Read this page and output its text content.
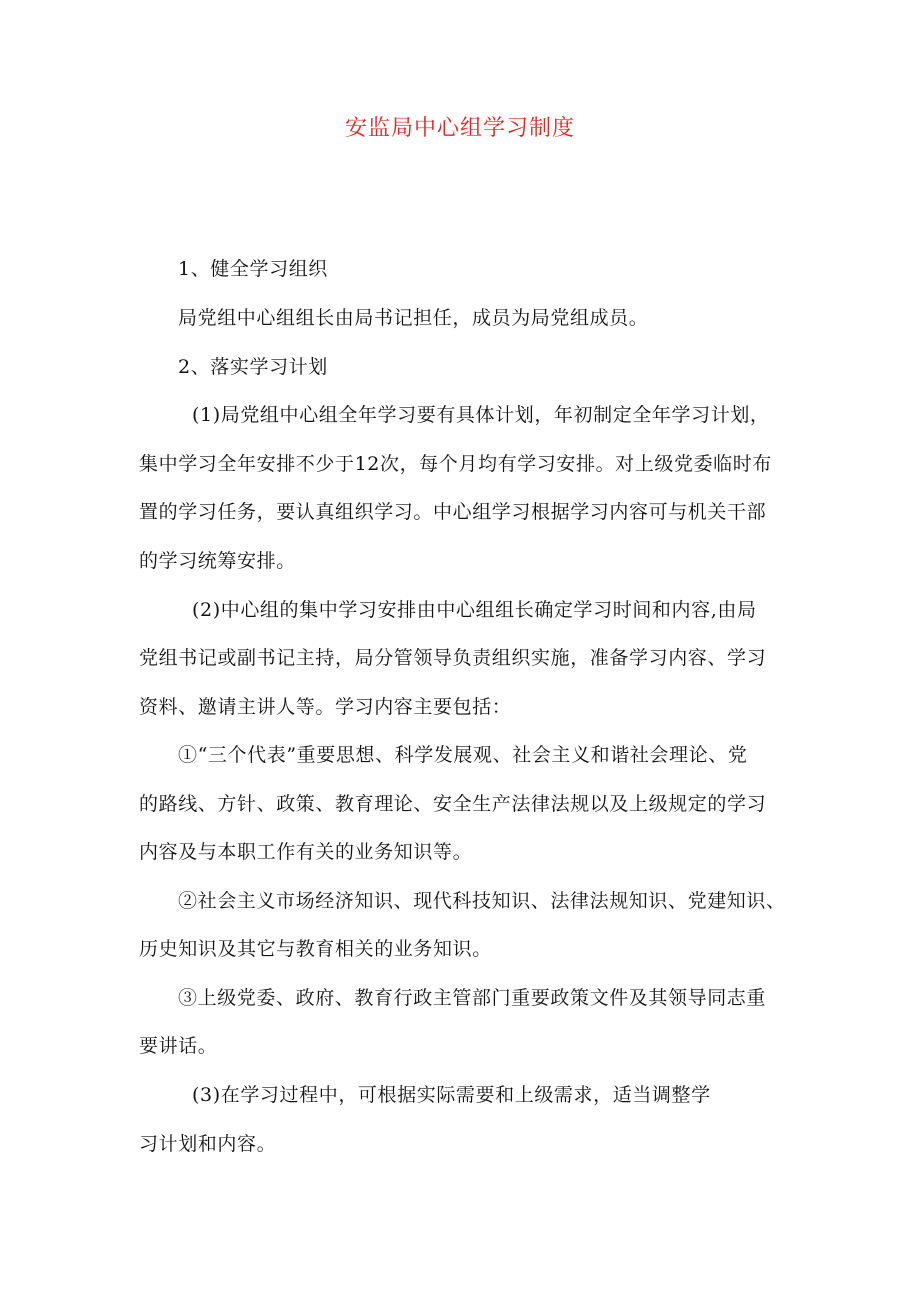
安监局中心组学习制度
1、健全学习组织
局党组中心组组长由局书记担任，成员为局党组成员。
2、落实学习计划
(1)局党组中心组全年学习要有具体计划，年初制定全年学习计划，
集中学习全年安排不少于12次，每个月均有学习安排。对上级党委临时布
置的学习任务，要认真组织学习。中心组学习根据学习内容可与机关干部
的学习统筹安排。
(2)中心组的集中学习安排由中心组组长确定学习时间和内容,由局
党组书记或副书记主持，局分管领导负责组织实施，准备学习内容、学习
资料、邀请主讲人等。学习内容主要包括：
①“三个代表”重要思想、科学发展观、社会主义和谐社会理论、党
的路线、方针、政策、教育理论、安全生产法律法规以及上级规定的学习
内容及与本职工作有关的业务知识等。
②社会主义市场经济知识、现代科技知识、法律法规知识、党建知识、
历史知识及其它与教育相关的业务知识。
③上级党委、政府、教育行政主管部门重要政策文件及其领导同志重
要讲话。
(3)在学习过程中，可根据实际需要和上级需求，适当调整学
习计划和内容。
